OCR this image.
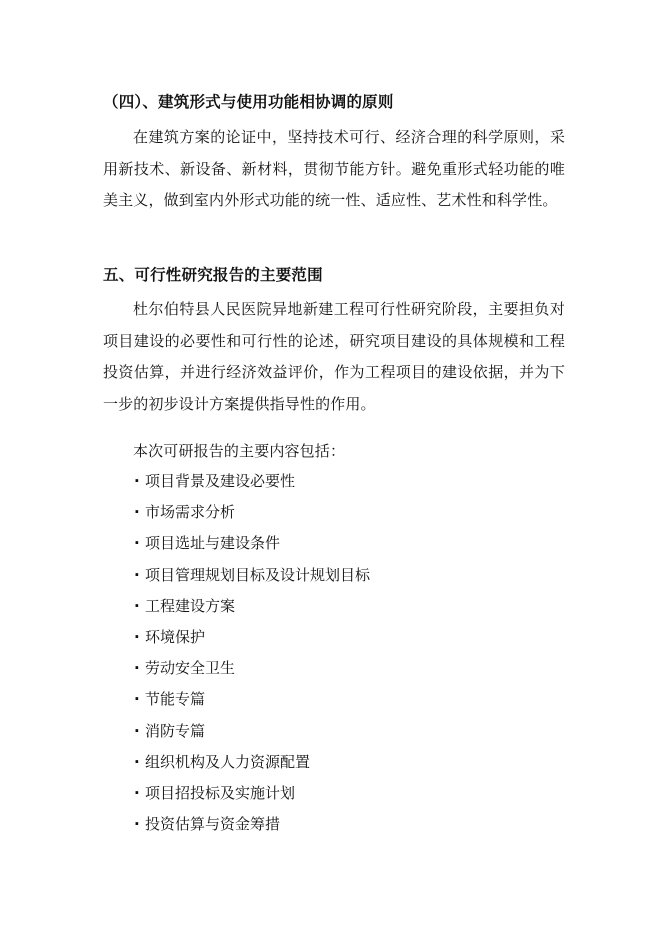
（四）、建筑形式与使用功能相协调的原则
在建筑方案的论证中，坚持技术可行、经济合理的科学原则，采用新技术、新设备、新材料，贯彻节能方针。避免重形式轻功能的唯美主义，做到室内外形式功能的统一性、适应性、艺术性和科学性。
五、可行性研究报告的主要范围
杜尔伯特县人民医院异地新建工程可行性研究阶段，主要担负对项目建设的必要性和可行性的论述，研究项目建设的具体规模和工程投资估算，并进行经济效益评价，作为工程项目的建设依据，并为下一步的初步设计方案提供指导性的作用。
本次可研报告的主要内容包括：
· 项目背景及建设必要性
· 市场需求分析
· 项目选址与建设条件
· 项目管理规划目标及设计规划目标
· 工程建设方案
· 环境保护
· 劳动安全卫生
· 节能专篇
· 消防专篇
· 组织机构及人力资源配置
· 项目招投标及实施计划
· 投资估算与资金筹措
